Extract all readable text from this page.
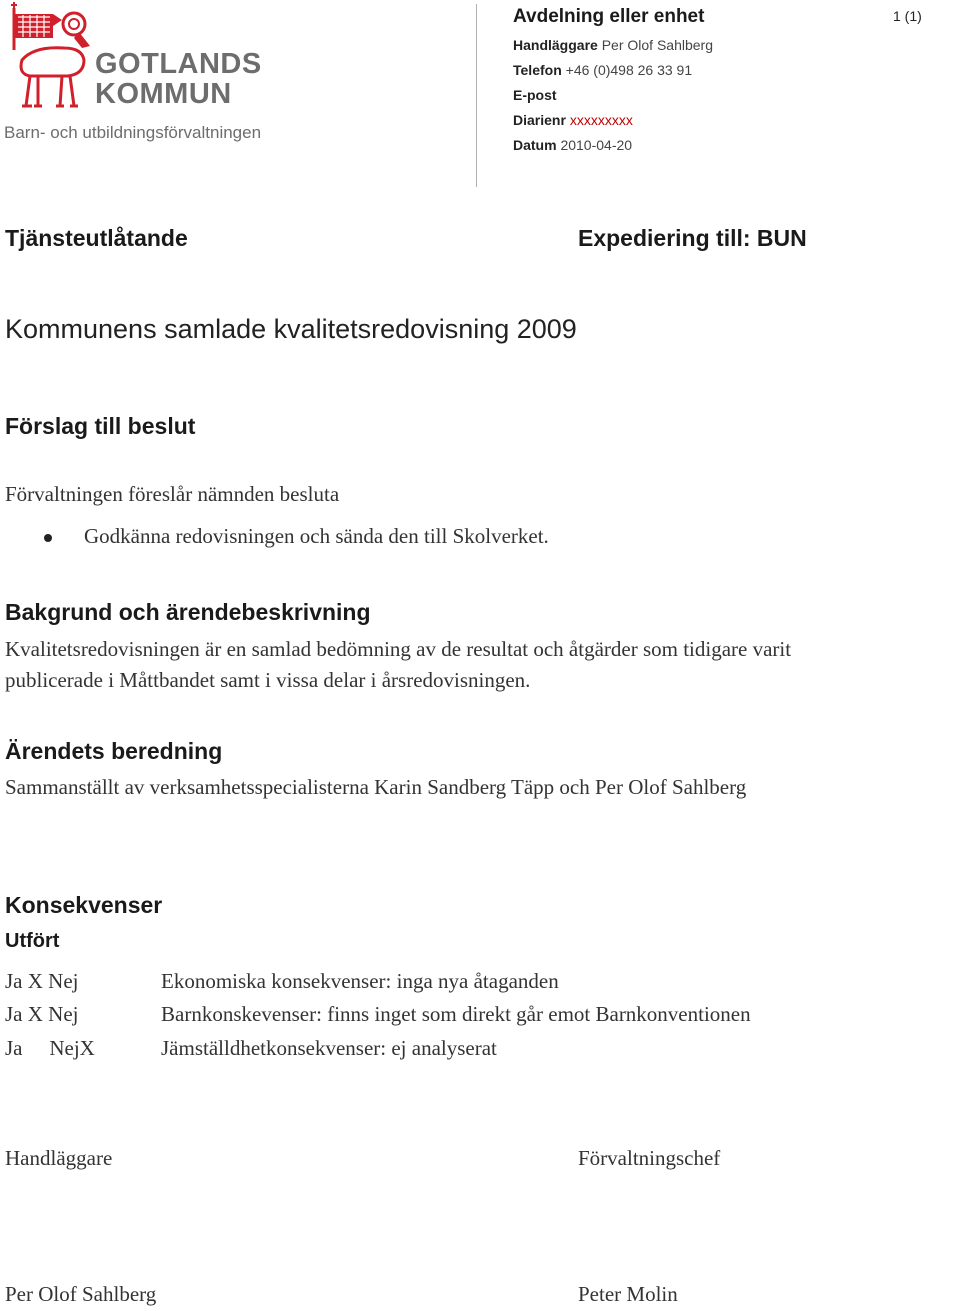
GOTLANDS
KOMMUN
Barn- och utbildningsförvaltningen
Avdelning eller enhet	1 (1)
Handläggare Per Olof Sahlberg
Telefon +46 (0)498 26 33 91
E-post
Diarienr xxxxxxxxx
Datum 2010-04-20
Tjänsteutlåtande	Expediering till: BUN
Kommunens samlade kvalitetsredovisning 2009
Förslag till beslut
Förvaltningen föreslår nämnden besluta
Godkänna redovisningen och sända den till Skolverket.
Bakgrund och ärendebeskrivning
Kvalitetsredovisningen är en samlad bedömning av de resultat och åtgärder som tidigare varit
publicerade i Måttbandet samt i vissa delar i årsredovisningen.
Ärendets beredning
Sammanställt av verksamhetsspecialisterna Karin Sandberg Täpp och Per Olof Sahlberg
Konsekvenser
Utfört
Ja X Nej	Ekonomiska konsekvenser: inga nya åtaganden
Ja X Nej	Barnkonskevenser: finns inget som direkt går emot Barnkonventionen
Ja NejX	Jämställdhetkonsekvenser: ej analyserat
Handläggare	Förvaltningschef
Per Olof Sahlberg	Peter Molin
